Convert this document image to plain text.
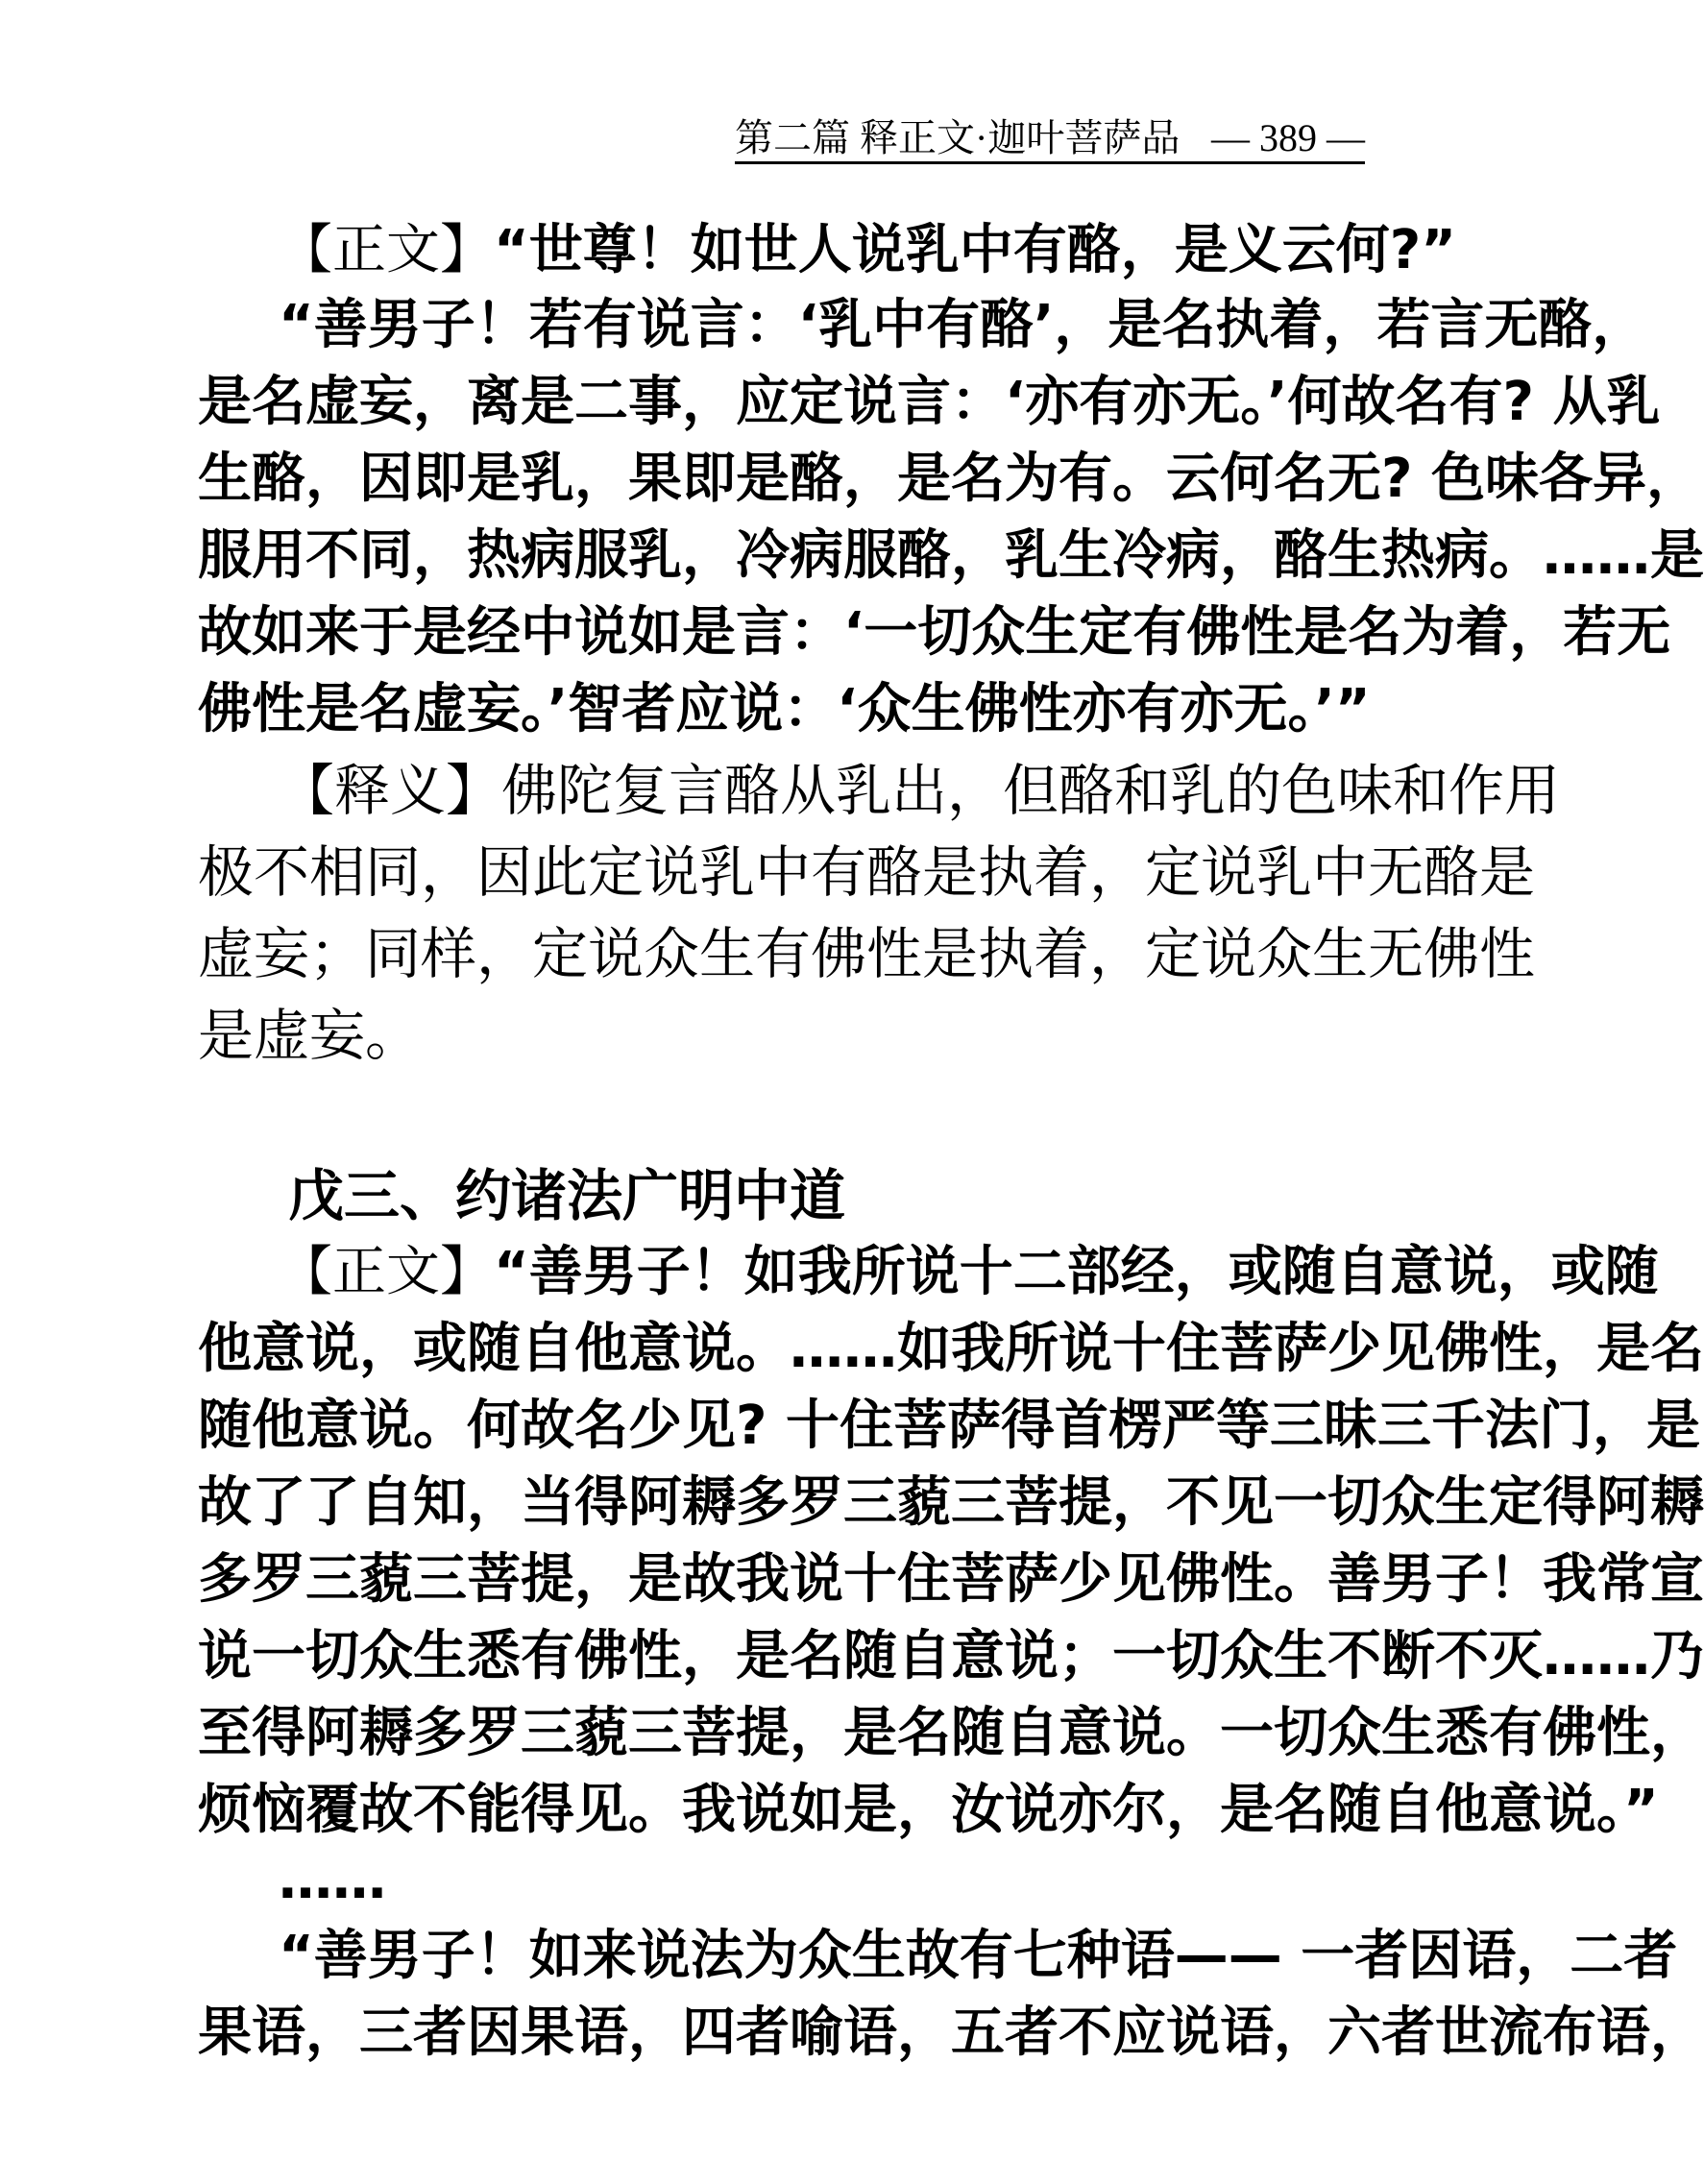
第二篇 释正文·迦叶菩萨品 — 389 —
【正文】“世尊！如世人说乳中有酪，是义云何?”
“善男子！若有说言：‘乳中有酪’，是名执着，若言无酪，
是名虚妄，离是二事，应定说言：‘亦有亦无。’何故名有? 从乳
生酪，因即是乳，果即是酪，是名为有。云何名无? 色味各异，
服用不同，热病服乳，冷病服酪，乳生冷病，酪生热病。……是
故如来于是经中说如是言：‘一切众生定有佛性是名为着，若无
佛性是名虚妄。’智者应说：‘众生佛性亦有亦无。’”
【释义】佛陀复言酪从乳出，但酪和乳的色味和作用
极不相同，因此定说乳中有酪是执着，定说乳中无酪是
虚妄；同样，定说众生有佛性是执着，定说众生无佛性
是虚妄。
戊三、约诸法广明中道
【正文】“善男子！如我所说十二部经，或随自意说，或随
他意说，或随自他意说。……如我所说十住菩萨少见佛性，是名
随他意说。何故名少见? 十住菩萨得首楞严等三昧三千法门，是
故了了自知，当得阿耨多罗三藐三菩提，不见一切众生定得阿耨
多罗三藐三菩提，是故我说十住菩萨少见佛性。善男子！我常宣
说一切众生悉有佛性，是名随自意说；一切众生不断不灭……乃
至得阿耨多罗三藐三菩提，是名随自意说。一切众生悉有佛性，
烦恼覆故不能得见。我说如是，汝说亦尔，是名随自他意说。”
……
“善男子！如来说法为众生故有七种语—— 一者因语，二者
果语，三者因果语，四者喻语，五者不应说语，六者世流布语，
